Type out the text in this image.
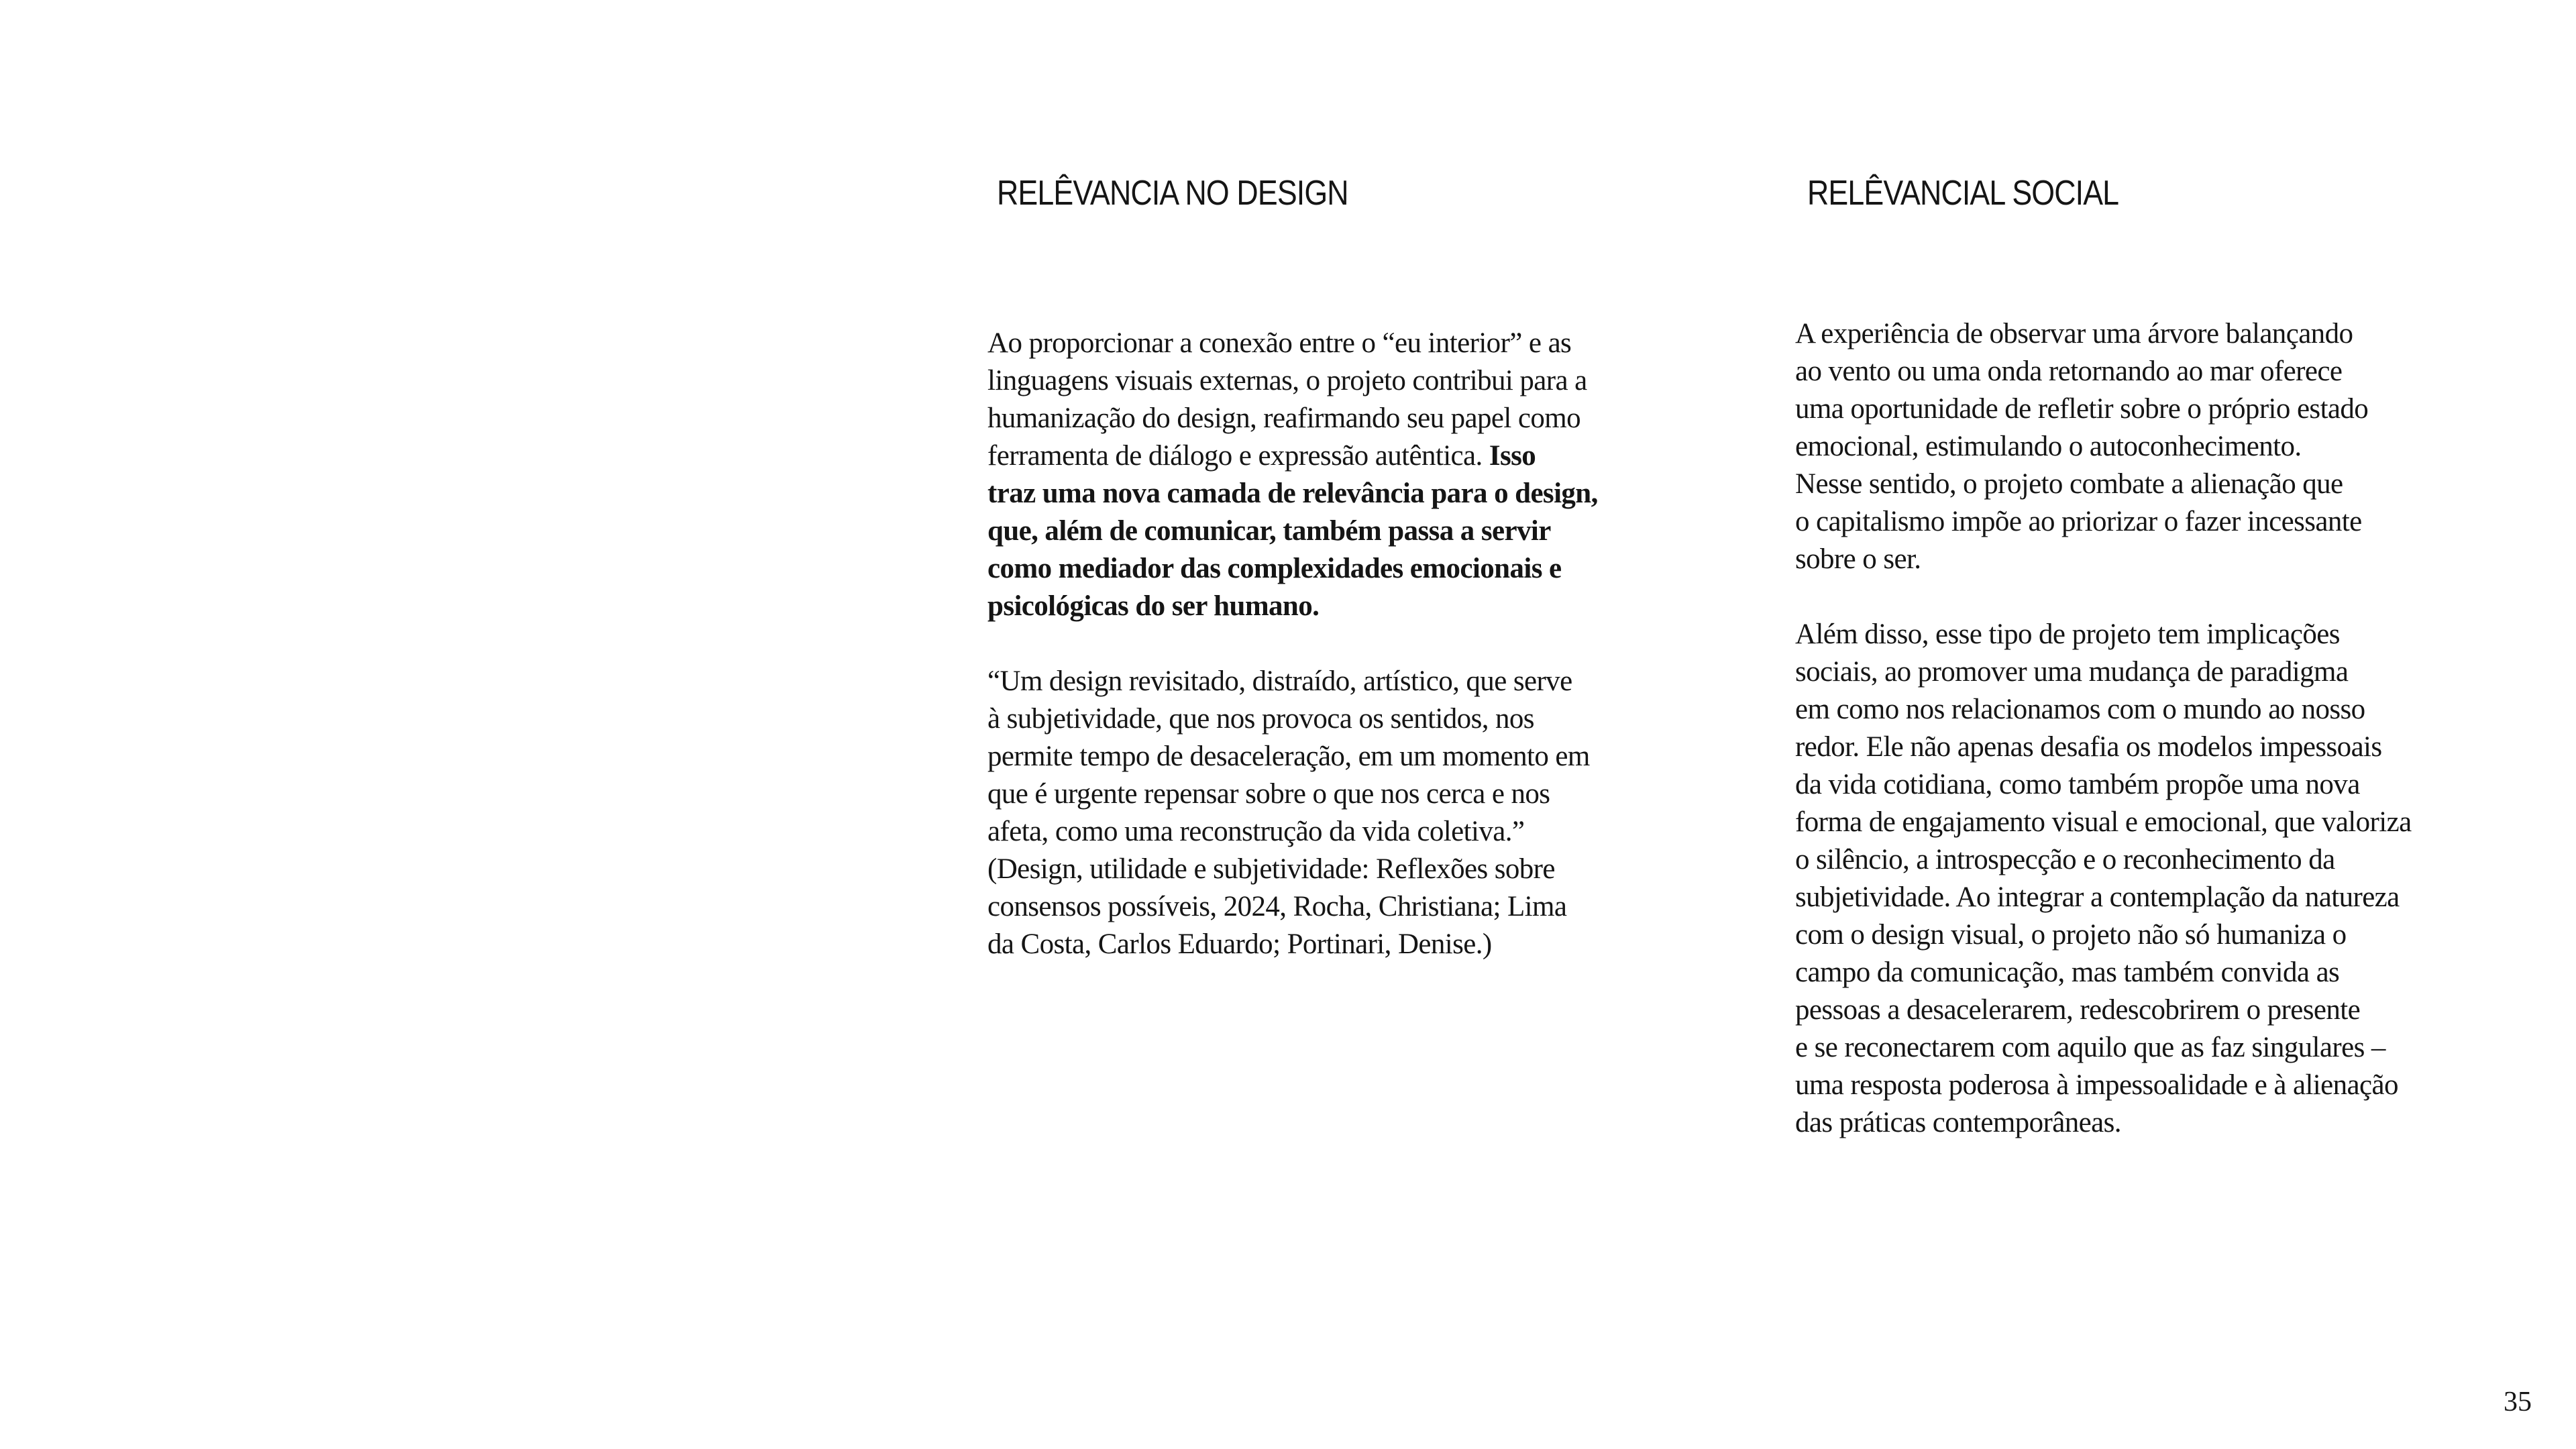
RELÊVANCIA NO DESIGN	RELÊVANCIAL SOCIAL

Ao proporcionar a conexão entre o “eu interior” e as
linguagens visuais externas, o projeto contribui para a
humanização do design, reafirmando seu papel como
ferramenta de diálogo e expressão autêntica. Isso
traz uma nova camada de relevância para o design,
que, além de comunicar, também passa a servir
como mediador das complexidades emocionais e
psicológicas do ser humano.

“Um design revisitado, distraído, artístico, que serve
à subjetividade, que nos provoca os sentidos, nos
permite tempo de desaceleração, em um momento em
que é urgente repensar sobre o que nos cerca e nos
afeta, como uma reconstrução da vida coletiva.”
(Design, utilidade e subjetividade: Reflexões sobre
consensos possíveis, 2024, Rocha, Christiana; Lima
da Costa, Carlos Eduardo; Portinari, Denise.)

A experiência de observar uma árvore balançando
ao vento ou uma onda retornando ao mar oferece
uma oportunidade de refletir sobre o próprio estado
emocional, estimulando o autoconhecimento.
Nesse sentido, o projeto combate a alienação que
o capitalismo impõe ao priorizar o fazer incessante
sobre o ser.

Além disso, esse tipo de projeto tem implicações
sociais, ao promover uma mudança de paradigma
em como nos relacionamos com o mundo ao nosso
redor. Ele não apenas desafia os modelos impessoais
da vida cotidiana, como também propõe uma nova
forma de engajamento visual e emocional, que valoriza
o silêncio, a introspecção e o reconhecimento da
subjetividade. Ao integrar a contemplação da natureza
com o design visual, o projeto não só humaniza o
campo da comunicação, mas também convida as
pessoas a desacelerarem, redescobrirem o presente
e se reconectarem com aquilo que as faz singulares –
uma resposta poderosa à impessoalidade e à alienação
das práticas contemporâneas.

35
